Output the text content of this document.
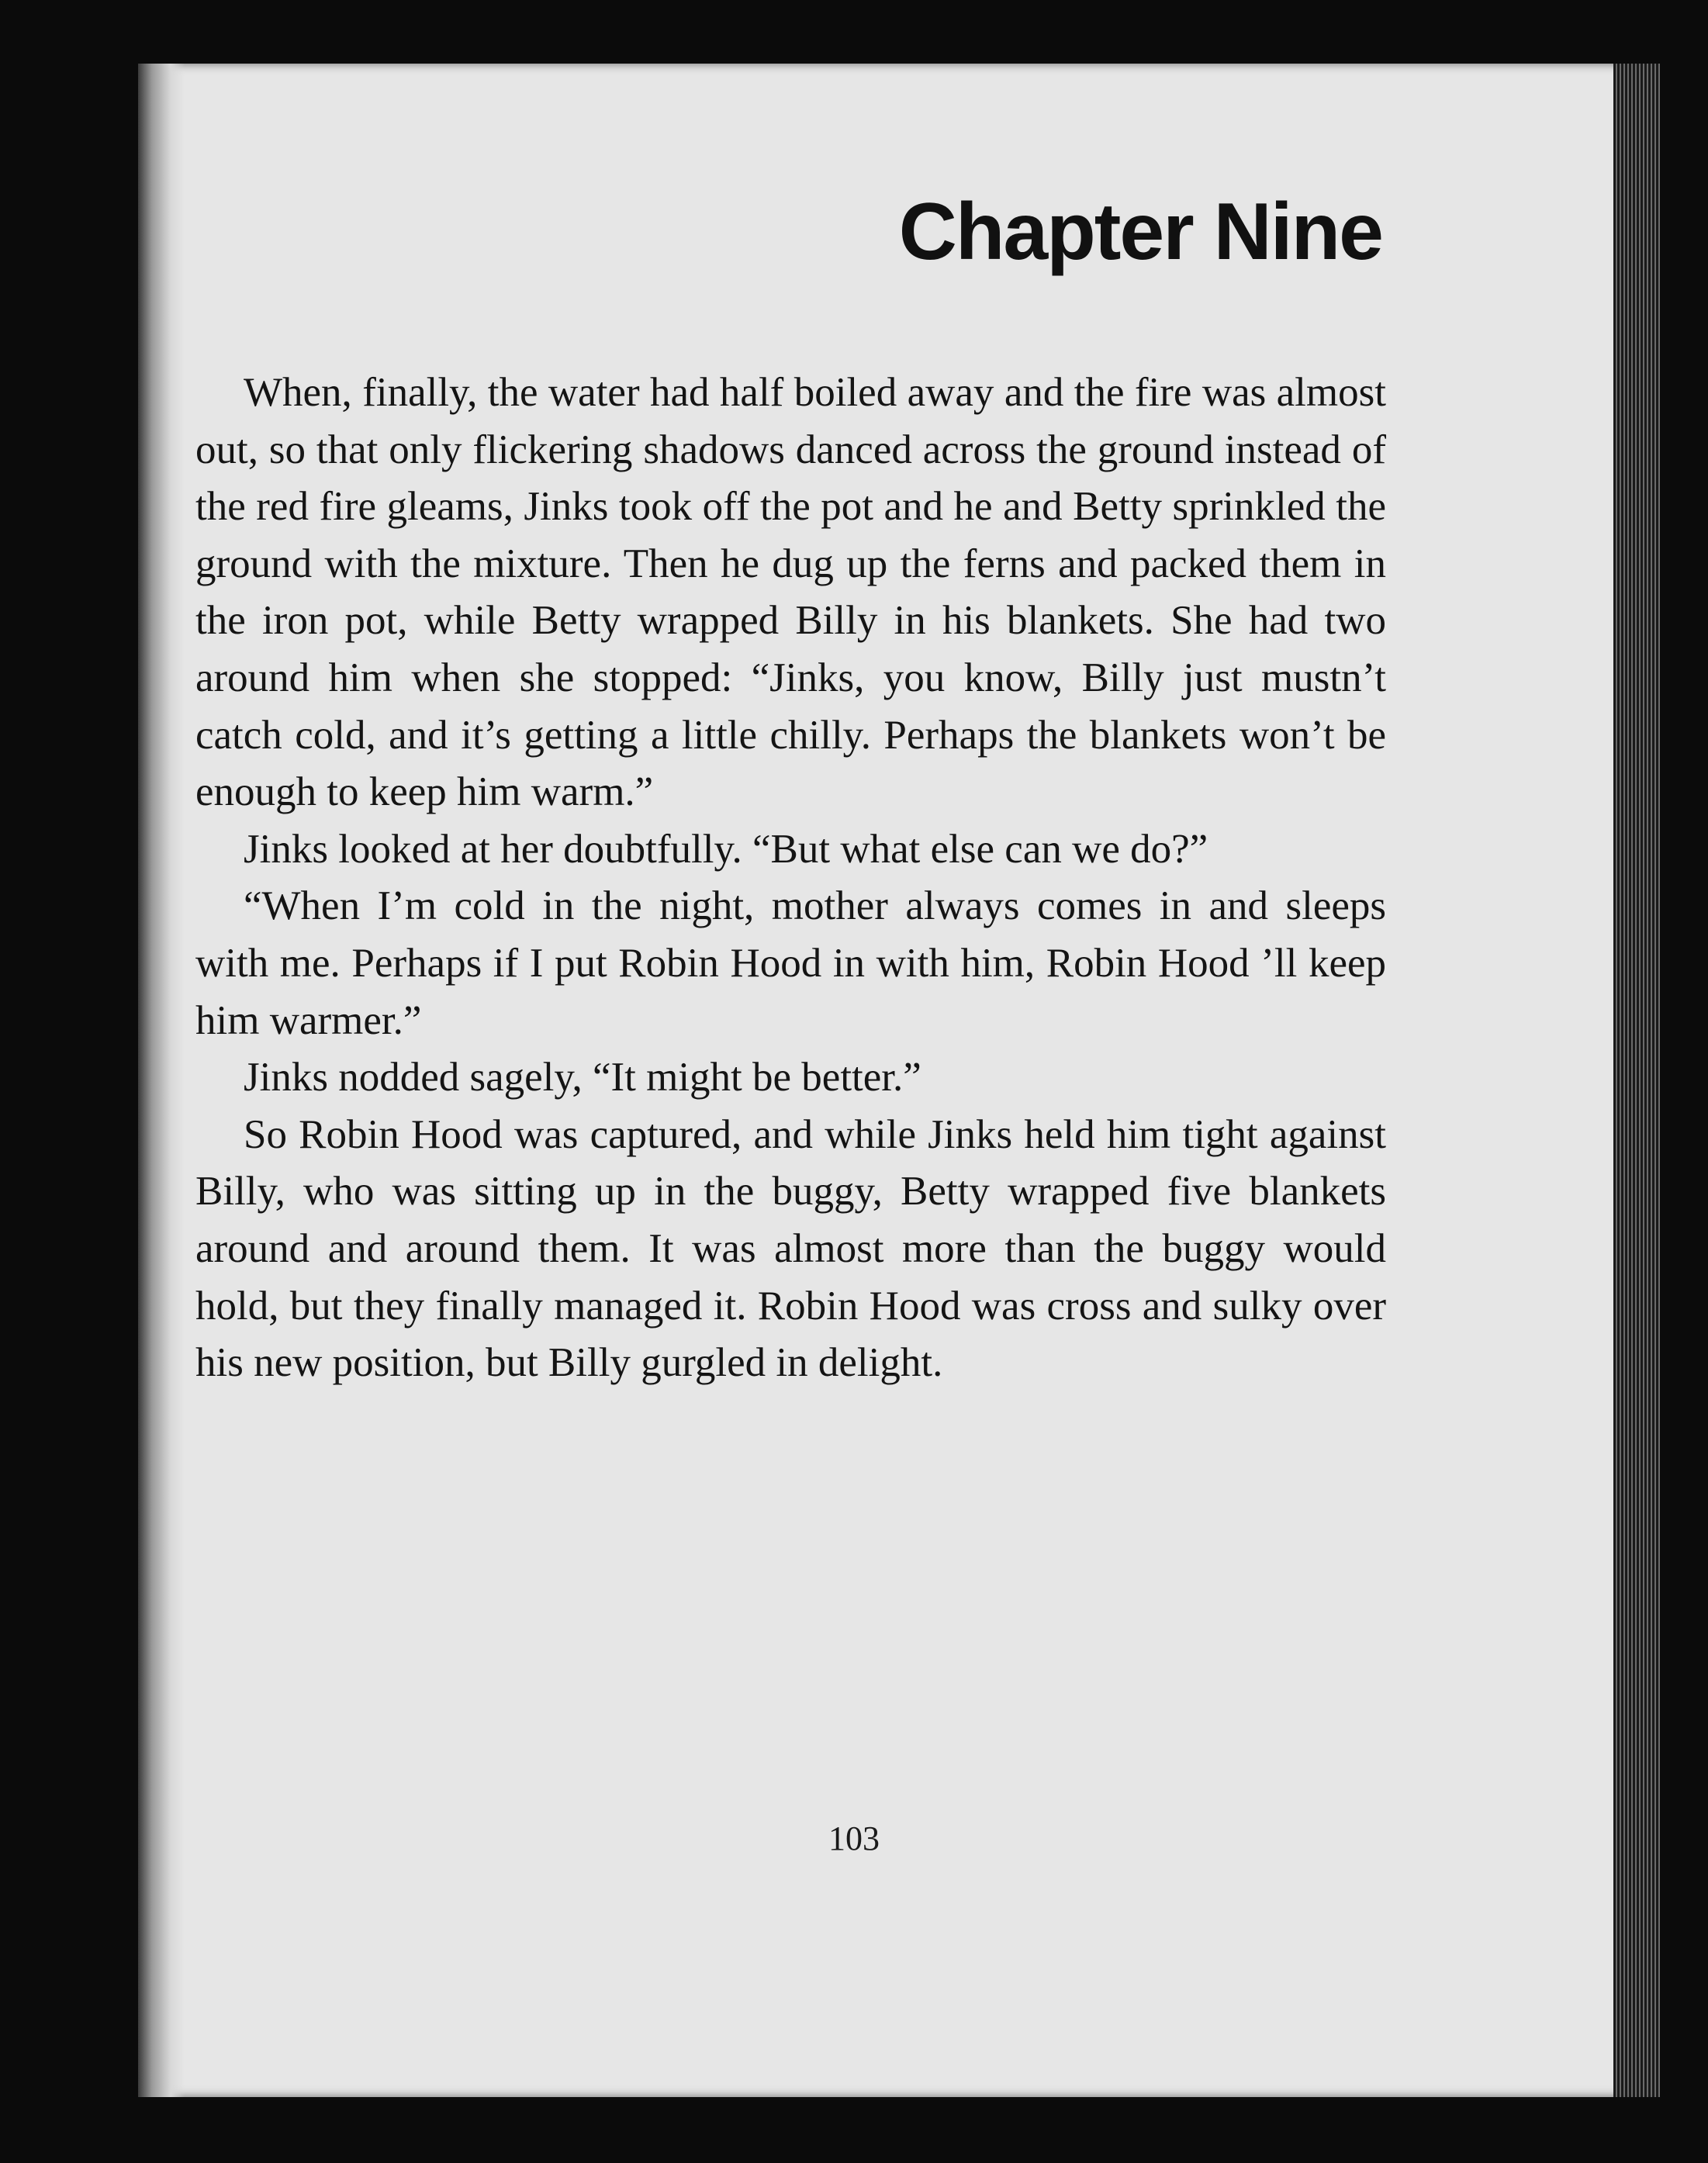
Chapter Nine

When, finally, the water had half boiled away and the fire was almost out, so that only flickering shadows danced across the ground instead of the red fire gleams, Jinks took off the pot and he and Betty sprinkled the ground with the mixture. Then he dug up the ferns and packed them in the iron pot, while Betty wrapped Billy in his blankets. She had two around him when she stopped: “Jinks, you know, Billy just mustn’t catch cold, and it’s getting a little chilly. Perhaps the blankets won’t be enough to keep him warm.”

Jinks looked at her doubtfully. “But what else can we do?”

“When I’m cold in the night, mother always comes in and sleeps with me. Perhaps if I put Robin Hood in with him, Robin Hood ’ll keep him warmer.”

Jinks nodded sagely, “It might be better.”

So Robin Hood was captured, and while Jinks held him tight against Billy, who was sitting up in the buggy, Betty wrapped five blankets around and around them. It was almost more than the buggy would hold, but they finally managed it. Robin Hood was cross and sulky over his new position, but Billy gurgled in delight.

103
